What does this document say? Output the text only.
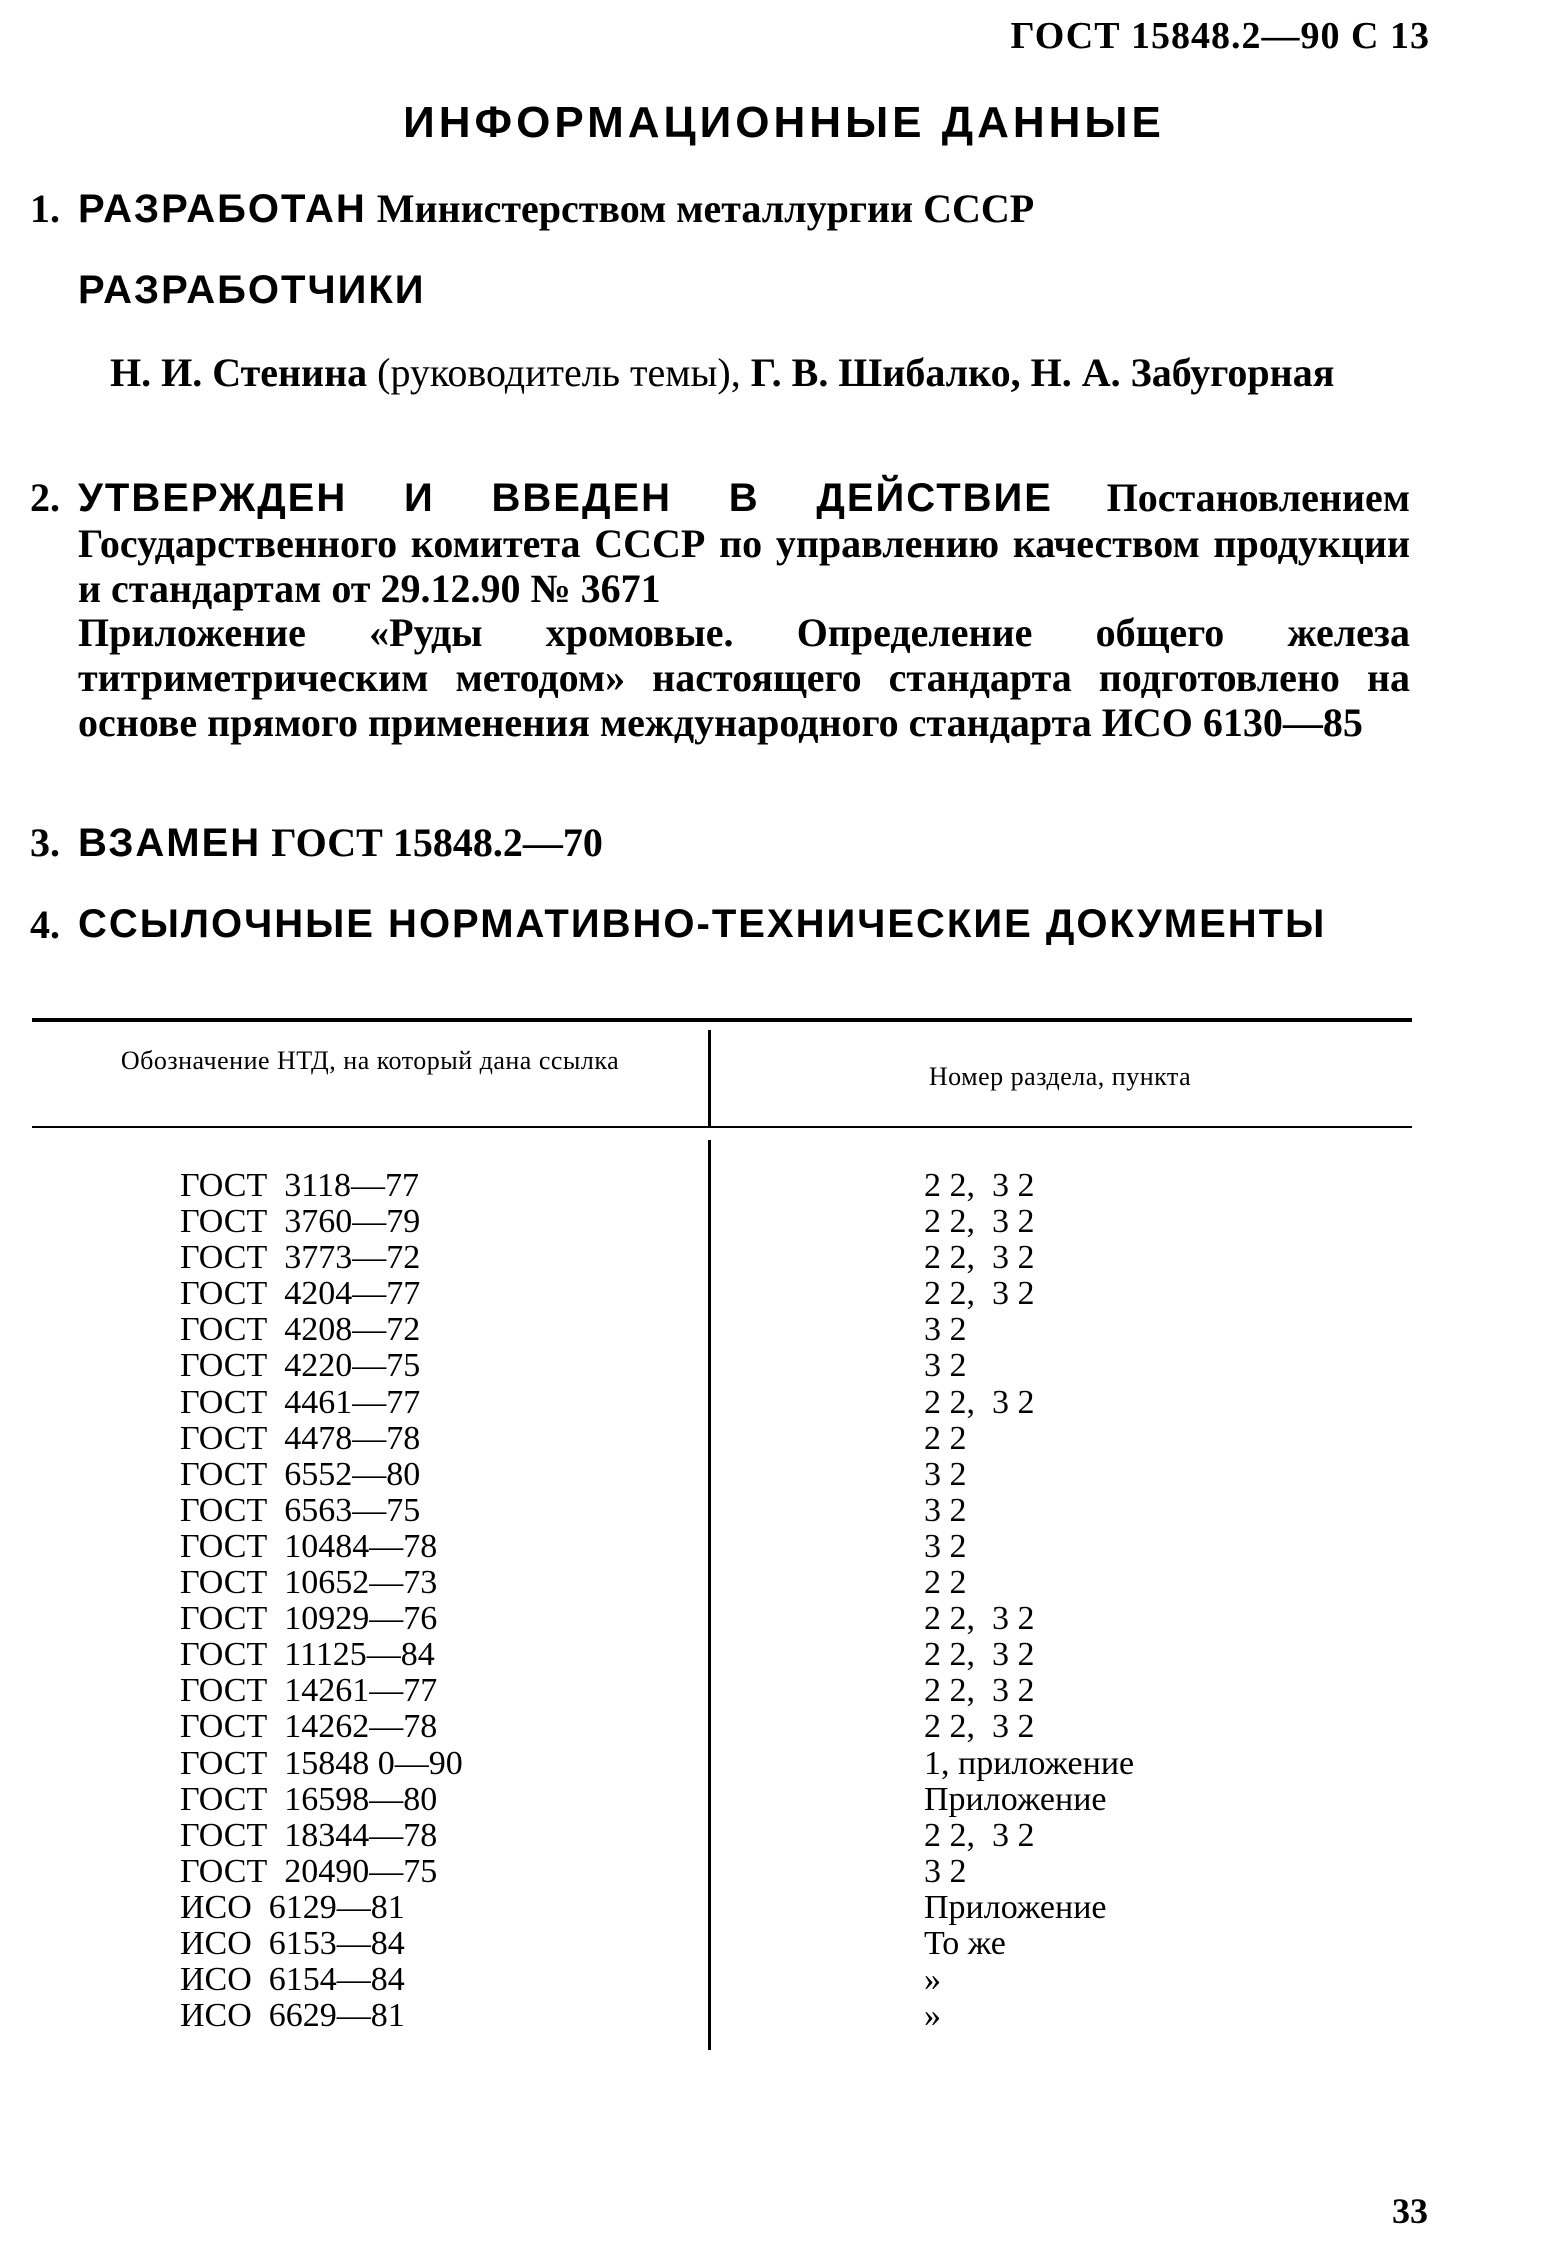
ГОСТ 15848.2—90 С 13
ИНФОРМАЦИОННЫЕ ДАННЫЕ
1. РАЗРАБОТАН Министерством металлургии СССР
РАЗРАБОТЧИКИ
Н. И. Стенина (руководитель темы), Г. В. Шибалко, Н. А. Забугорная
2. УТВЕРЖДЕН И ВВЕДЕН В ДЕЙСТВИЕ Постановлением Государственного комитета СССР по управлению качеством продукции и стандартам от 29.12.90 № 3671
Приложение «Руды хромовые. Определение общего железа титриметрическим методом» настоящего стандарта подготовлено на основе прямого применения международного стандарта ИСО 6130—85
3. ВЗАМЕН ГОСТ 15848.2—70
4. ССЫЛОЧНЫЕ НОРМАТИВНО-ТЕХНИЧЕСКИЕ ДОКУМЕНТЫ
Обозначение НТД, на который дана ссылка
Номер раздела, пункта
ГОСТ  3118—77	2 2,  3 2
ГОСТ  3760—79	2 2,  3 2
ГОСТ  3773—72	2 2,  3 2
ГОСТ  4204—77	2 2,  3 2
ГОСТ  4208—72	3 2
ГОСТ  4220—75	3 2
ГОСТ  4461—77	2 2,  3 2
ГОСТ  4478—78	2 2
ГОСТ  6552—80	3 2
ГОСТ  6563—75	3 2
ГОСТ  10484—78	3 2
ГОСТ  10652—73	2 2
ГОСТ  10929—76	2 2,  3 2
ГОСТ  11125—84	2 2,  3 2
ГОСТ  14261—77	2 2,  3 2
ГОСТ  14262—78	2 2,  3 2
ГОСТ  15848 0—90	1, приложение
ГОСТ  16598—80	Приложение
ГОСТ  18344—78	2 2,  3 2
ГОСТ  20490—75	3 2
ИСО  6129—81	Приложение
ИСО  6153—84	То же
ИСО  6154—84	»
ИСО  6629—81	»
33
